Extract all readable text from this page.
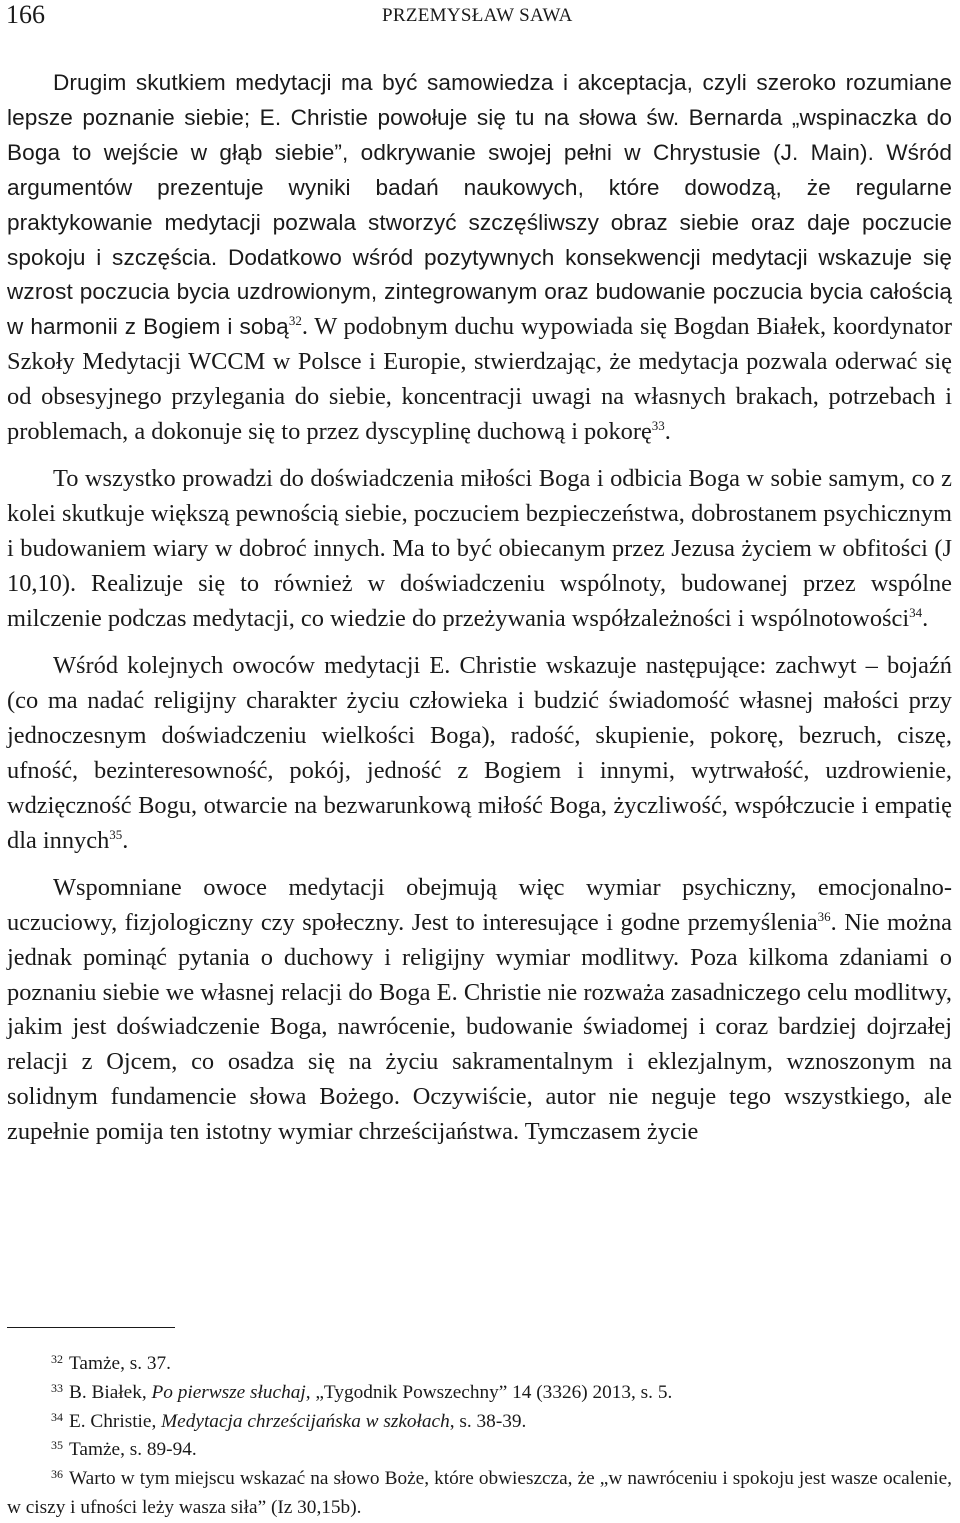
166	PRZEMYSŁAW SAWA

Drugim skutkiem medytacji ma być samowiedza i akceptacja, czyli szeroko rozumiane lepsze poznanie siebie; E. Christie powołuje się tu na słowa św. Bernarda „wspinaczka do Boga to wejście w głąb siebie”, odkrywanie swojej pełni w Chrystusie (J. Main). Wśród argumentów prezentuje wyniki badań naukowych, które dowodzą, że regularne praktykowanie medytacji pozwala stworzyć szczęśliwszy obraz siebie oraz daje poczucie spokoju i szczęścia. Dodatkowo wśród pozytywnych konsekwencji medytacji wskazuje się wzrost poczucia bycia uzdrowionym, zintegrowanym oraz budowanie poczucia bycia całością w harmonii z Bogiem i sobą$^{32}$. W podobnym duchu wypowiada się Bogdan Białek, koordynator Szkoły Medytacji WCCM w Polsce i Europie, stwierdzając, że medytacja pozwala oderwać się od obsesyjnego przylegania do siebie, koncentracji uwagi na własnych brakach, potrzebach i problemach, a dokonuje się to przez dyscyplinę duchową i pokorę$^{33}$.

To wszystko prowadzi do doświadczenia miłości Boga i odbicia Boga w sobie samym, co z kolei skutkuje większą pewnością siebie, poczuciem bezpieczeństwa, dobrostanem psychicznym i budowaniem wiary w dobroć innych. Ma to być obiecanym przez Jezusa życiem w obfitości (J 10,10). Realizuje się to również w doświadczeniu wspólnoty, budowanej przez wspólne milczenie podczas medytacji, co wiedzie do przeżywania współzależności i wspólnotowości$^{34}$.

Wśród kolejnych owoców medytacji E. Christie wskazuje następujące: zachwyt – bojaźń (co ma nadać religijny charakter życiu człowieka i budzić świadomość własnej małości przy jednoczesnym doświadczeniu wielkości Boga), radość, skupienie, pokorę, bezruch, ciszę, ufność, bezinteresowność, pokój, jedność z Bogiem i innymi, wytrwałość, uzdrowienie, wdzięczność Bogu, otwarcie na bezwarunkową miłość Boga, życzliwość, współczucie i empatię dla innych$^{35}$.

Wspomniane owoce medytacji obejmują więc wymiar psychiczny, emocjonalno-uczuciowy, fizjologiczny czy społeczny. Jest to interesujące i godne przemyślenia$^{36}$. Nie można jednak pominąć pytania o duchowy i religijny wymiar modlitwy. Poza kilkoma zdaniami o poznaniu siebie we własnej relacji do Boga E. Christie nie rozważa zasadniczego celu modlitwy, jakim jest doświadczenie Boga, nawrócenie, budowanie świadomej i coraz bardziej dojrzałej relacji z Ojcem, co osadza się na życiu sakramentalnym i eklezjalnym, wznoszonym na solidnym fundamencie słowa Bożego. Oczywiście, autor nie neguje tego wszystkiego, ale zupełnie pomija ten istotny wymiar chrześcijaństwa. Tymczasem życie

$^{32}$ Tamże, s. 37.

$^{33}$ B. Białek, Po pierwsze słuchaj, „Tygodnik Powszechny” 14 (3326) 2013, s. 5.

$^{34}$ E. Christie, Medytacja chrześcijańska w szkołach, s. 38-39.

$^{35}$ Tamże, s. 89-94.

$^{36}$ Warto w tym miejscu wskazać na słowo Boże, które obwieszcza, że „w nawróceniu i spokoju jest wasze ocalenie, w ciszy i ufności leży wasza siła” (Iz 30,15b).
